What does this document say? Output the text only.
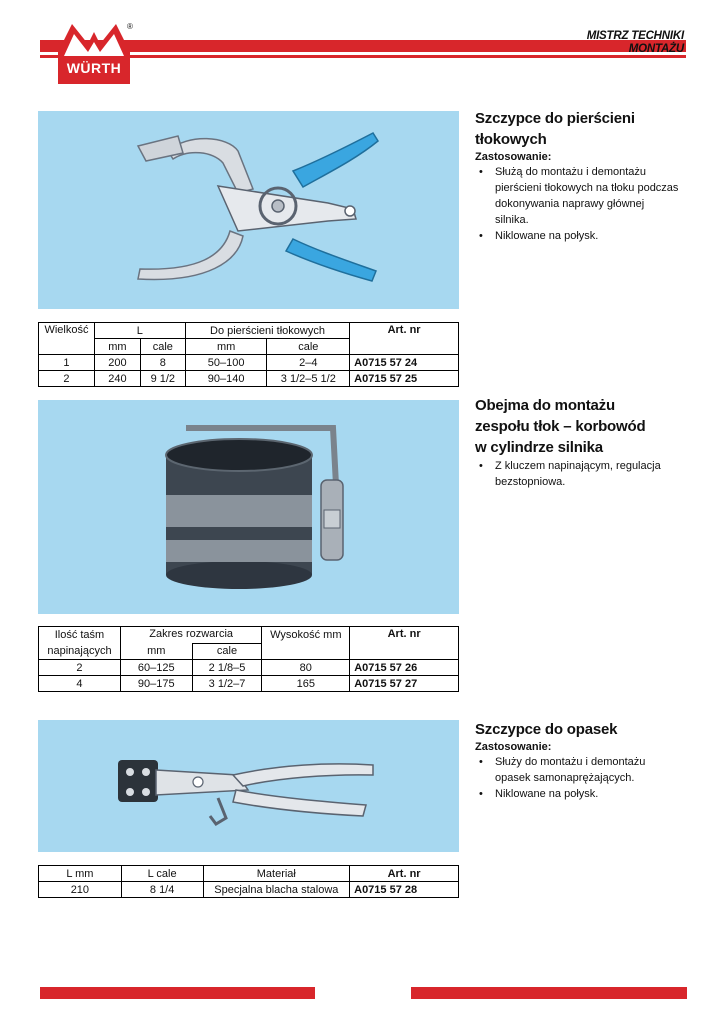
WÜRTH
®
MISTRZ TECHNIKI
MONTAŻU
Szczypce do pierścieni
tłokowych
Zastosowanie:
• Służą do montażu i demontażu pierścieni tłokowych na tłoku podczas dokonywania naprawy głównej silnika.
• Niklowane na połysk.
Wielkość	L		Do pierścieni tłokowych		Art. nr
	mm	cale	mm	cale	
1	200	8	50–100	2–4	A0715 57 24
2	240	9 1/2	90–140	3 1/2–5 1/2	A0715 57 25
Obejma do montażu
zespołu tłok – korbowód
w cylindrze silnika
• Z kluczem napinającym, regulacja bezstopniowa.
Ilość taśm napinających	Zakres rozwarcia		Wysokość mm	Art. nr
	mm	cale		
2	60–125	2 1/8–5	80	A0715 57 26
4	90–175	3 1/2–7	165	A0715 57 27
Szczypce do opasek
Zastosowanie:
• Służy do montażu i demontażu opasek samonaprężających.
• Niklowane na połysk.
L mm	L cale	Materiał	Art. nr
210	8 1/4	Specjalna blacha stalowa	A0715 57 28
